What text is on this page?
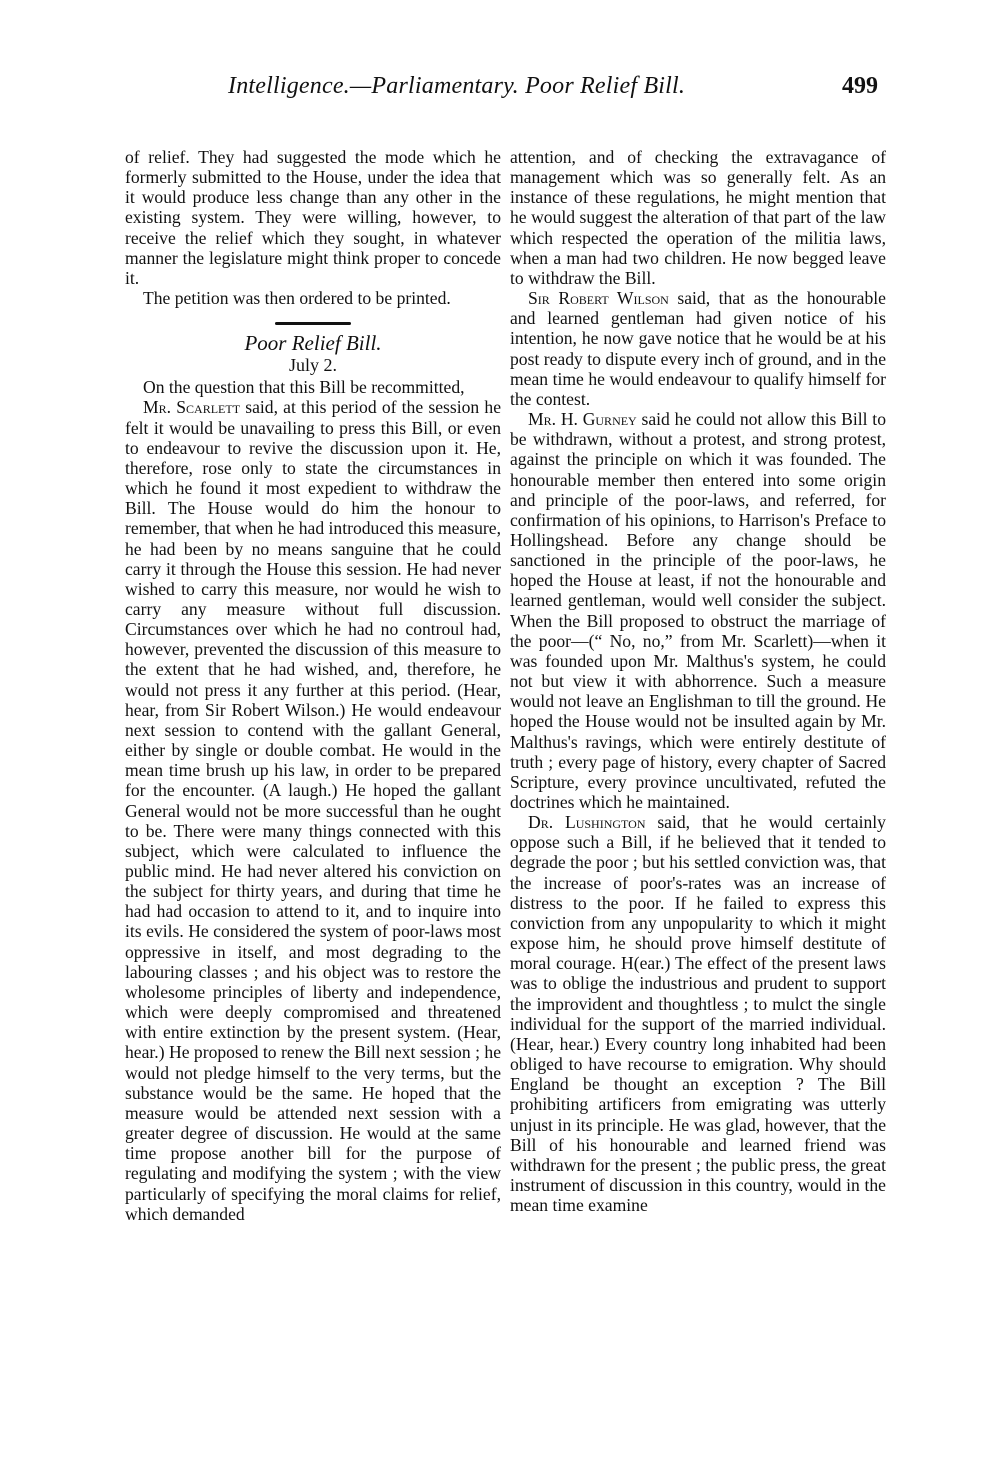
Intelligence.—Parliamentary. Poor Relief Bill.	499

of relief. They had suggested the mode which he formerly submitted to the House, under the idea that it would produce less change than any other in the existing system. They were willing, however, to receive the relief which they sought, in whatever manner the legislature might think proper to concede it.

The petition was then ordered to be printed.

Poor Relief Bill.
July 2.

On the question that this Bill be recommitted,

Mr. Scarlett said, at this period of the session he felt it would be unavailing to press this Bill, or even to endeavour to revive the discussion upon it. He, therefore, rose only to state the circumstances in which he found it most expedient to withdraw the Bill. The House would do him the honour to remember, that when he had introduced this measure, he had been by no means sanguine that he could carry it through the House this session. He had never wished to carry this measure, nor would he wish to carry any measure without full discussion. Circumstances over which he had no controul had, however, prevented the discussion of this measure to the extent that he had wished, and, therefore, he would not press it any further at this period. (Hear, hear, from Sir Robert Wilson.) He would endeavour next session to contend with the gallant General, either by single or double combat. He would in the mean time brush up his law, in order to be prepared for the encounter. (A laugh.) He hoped the gallant General would not be more successful than he ought to be. There were many things connected with this subject, which were calculated to influence the public mind. He had never altered his conviction on the subject for thirty years, and during that time he had had occasion to attend to it, and to inquire into its evils. He considered the system of poor-laws most oppressive in itself, and most degrading to the labouring classes ; and his object was to restore the wholesome principles of liberty and independence, which were deeply compromised and threatened with entire extinction by the present system. (Hear, hear.) He proposed to renew the Bill next session ; he would not pledge himself to the very terms, but the substance would be the same. He hoped that the measure would be attended next session with a greater degree of discussion. He would at the same time propose another bill for the purpose of regulating and modifying the system ; with the view particularly of specifying the moral claims for relief, which demanded

attention, and of checking the extravagance of management which was so generally felt. As an instance of these regulations, he might mention that he would suggest the alteration of that part of the law which respected the operation of the militia laws, when a man had two children. He now begged leave to withdraw the Bill.

Sir Robert Wilson said, that as the honourable and learned gentleman had given notice of his intention, he now gave notice that he would be at his post ready to dispute every inch of ground, and in the mean time he would endeavour to qualify himself for the contest.

Mr. H. Gurney said he could not allow this Bill to be withdrawn, without a protest, and strong protest, against the principle on which it was founded. The honourable member then entered into some origin and principle of the poor-laws, and referred, for confirmation of his opinions, to Harrison's Preface to Hollingshead. Before any change should be sanctioned in the principle of the poor-laws, he hoped the House at least, if not the honourable and learned gentleman, would well consider the subject. When the Bill proposed to obstruct the marriage of the poor—(“ No, no,” from Mr. Scarlett)—when it was founded upon Mr. Malthus's system, he could not but view it with abhorrence. Such a measure would not leave an Englishman to till the ground. He hoped the House would not be insulted again by Mr. Malthus's ravings, which were entirely destitute of truth ; every page of history, every chapter of Sacred Scripture, every province uncultivated, refuted the doctrines which he maintained.

Dr. Lushington said, that he would certainly oppose such a Bill, if he believed that it tended to degrade the poor ; but his settled conviction was, that the increase of poor's-rates was an increase of distress to the poor. If he failed to express this conviction from any unpopularity to which it might expose him, he should prove himself destitute of moral courage. H(ear.) The effect of the present laws was to oblige the industrious and prudent to support the improvident and thoughtless ; to mulct the single individual for the support of the married individual. (Hear, hear.) Every country long inhabited had been obliged to have recourse to emigration. Why should England be thought an exception ? The Bill prohibiting artificers from emigrating was utterly unjust in its principle. He was glad, however, that the Bill of his honourable and learned friend was withdrawn for the present ; the public press, the great instrument of discussion in this country, would in the mean time examine
